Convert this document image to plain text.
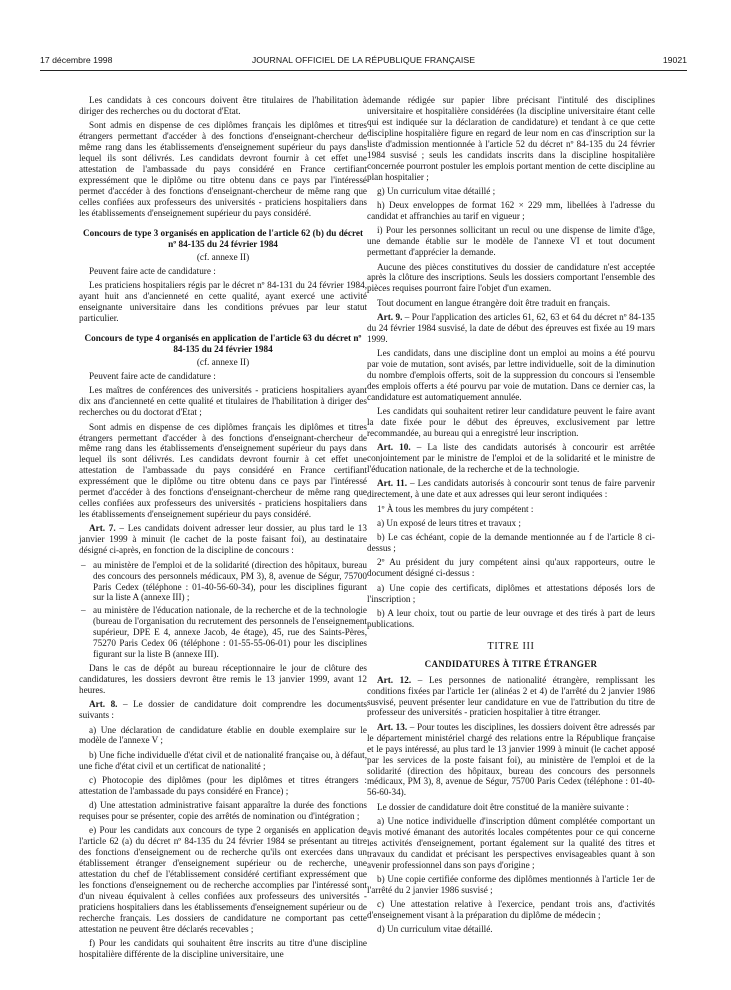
17 décembre 1998	JOURNAL OFFICIEL DE LA RÉPUBLIQUE FRANÇAISE	19021

Les candidats à ces concours doivent être titulaires de l'habilitation à diriger des recherches ou du doctorat d'Etat.

Sont admis en dispense de ces diplômes français les diplômes et titres étrangers permettant d'accéder à des fonctions d'enseignant-chercheur de même rang dans les établissements d'enseignement supérieur du pays dans lequel ils sont délivrés. Les candidats devront fournir à cet effet une attestation de l'ambassade du pays considéré en France certifiant expressément que le diplôme ou titre obtenu dans ce pays par l'intéressé permet d'accéder à des fonctions d'enseignant-chercheur de même rang que celles confiées aux professeurs des universités - praticiens hospitaliers dans les établissements d'enseignement supérieur du pays considéré.

Concours de type 3 organisés en application de l'article 62 (b) du décret nº 84-135 du 24 février 1984

(cf. annexe II)

Peuvent faire acte de candidature :

Les praticiens hospitaliers régis par le décret nº 84-131 du 24 février 1984, ayant huit ans d'ancienneté en cette qualité, ayant exercé une activité enseignante universitaire dans les conditions prévues par leur statut particulier.

Concours de type 4 organisés en application de l'article 63 du décret nº 84-135 du 24 février 1984

(cf. annexe II)

Peuvent faire acte de candidature :

Les maîtres de conférences des universités - praticiens hospitaliers ayant dix ans d'ancienneté en cette qualité et titulaires de l'habilitation à diriger des recherches ou du doctorat d'Etat ;

Sont admis en dispense de ces diplômes français les diplômes et titres étrangers permettant d'accéder à des fonctions d'enseignant-chercheur de même rang dans les établissements d'enseignement supérieur du pays dans lequel ils sont délivrés. Les candidats devront fournir à cet effet une attestation de l'ambassade du pays considéré en France certifiant expressément que le diplôme ou titre obtenu dans ce pays par l'intéressé permet d'accéder à des fonctions d'enseignant-chercheur de même rang que celles confiées aux professeurs des universités - praticiens hospitaliers dans les établissements d'enseignement supérieur du pays considéré.

Art. 7. – Les candidats doivent adresser leur dossier, au plus tard le 13 janvier 1999 à minuit (le cachet de la poste faisant foi), au destinataire désigné ci-après, en fonction de la discipline de concours :

– au ministère de l'emploi et de la solidarité (direction des hôpitaux, bureau des concours des personnels médicaux, PM 3), 8, avenue de Ségur, 75700 Paris Cedex (téléphone : 01-40-56-60-34), pour les disciplines figurant sur la liste A (annexe III) ;
– au ministère de l'éducation nationale, de la recherche et de la technologie (bureau de l'organisation du recrutement des personnels de l'enseignement supérieur, DPE E 4, annexe Jacob, 4e étage), 45, rue des Saints-Pères, 75270 Paris Cedex 06 (téléphone : 01-55-55-06-01) pour les disciplines figurant sur la liste B (annexe III).

Dans le cas de dépôt au bureau réceptionnaire le jour de clôture des candidatures, les dossiers devront être remis le 13 janvier 1999, avant 12 heures.

Art. 8. – Le dossier de candidature doit comprendre les documents suivants :

a) Une déclaration de candidature établie en double exemplaire sur le modèle de l'annexe V ;

b) Une fiche individuelle d'état civil et de nationalité française ou, à défaut, une fiche d'état civil et un certificat de nationalité ;

c) Photocopie des diplômes (pour les diplômes et titres étrangers : attestation de l'ambassade du pays considéré en France) ;

d) Une attestation administrative faisant apparaître la durée des fonctions requises pour se présenter, copie des arrêtés de nomination ou d'intégration ;

e) Pour les candidats aux concours de type 2 organisés en application de l'article 62 (a) du décret nº 84-135 du 24 février 1984 se présentant au titre des fonctions d'enseignement ou de recherche qu'ils ont exercées dans un établissement étranger d'enseignement supérieur ou de recherche, une attestation du chef de l'établissement considéré certifiant expressément que les fonctions d'enseignement ou de recherche accomplies par l'intéressé sont d'un niveau équivalent à celles confiées aux professeurs des universités - praticiens hospitaliers dans les établissements d'enseignement supérieur ou de recherche français. Les dossiers de candidature ne comportant pas cette attestation ne peuvent être déclarés recevables ;

f) Pour les candidats qui souhaitent être inscrits au titre d'une discipline hospitalière différente de la discipline universitaire, une

demande rédigée sur papier libre précisant l'intitulé des disciplines universitaire et hospitalière considérées (la discipline universitaire étant celle qui est indiquée sur la déclaration de candidature) et tendant à ce que cette discipline hospitalière figure en regard de leur nom en cas d'inscription sur la liste d'admission mentionnée à l'article 52 du décret nº 84-135 du 24 février 1984 susvisé ; seuls les candidats inscrits dans la discipline hospitalière concernée pourront postuler les emplois portant mention de cette discipline au plan hospitalier ;

g) Un curriculum vitae détaillé ;

h) Deux enveloppes de format 162 × 229 mm, libellées à l'adresse du candidat et affranchies au tarif en vigueur ;

i) Pour les personnes sollicitant un recul ou une dispense de limite d'âge, une demande établie sur le modèle de l'annexe VI et tout document permettant d'apprécier la demande.

Aucune des pièces constitutives du dossier de candidature n'est acceptée après la clôture des inscriptions. Seuls les dossiers comportant l'ensemble des pièces requises pourront faire l'objet d'un examen.

Tout document en langue étrangère doit être traduit en français.

Art. 9. – Pour l'application des articles 61, 62, 63 et 64 du décret nº 84-135 du 24 février 1984 susvisé, la date de début des épreuves est fixée au 19 mars 1999.

Les candidats, dans une discipline dont un emploi au moins a été pourvu par voie de mutation, sont avisés, par lettre individuelle, soit de la diminution du nombre d'emplois offerts, soit de la suppression du concours si l'ensemble des emplois offerts a été pourvu par voie de mutation. Dans ce dernier cas, la candidature est automatiquement annulée.

Les candidats qui souhaitent retirer leur candidature peuvent le faire avant la date fixée pour le début des épreuves, exclusivement par lettre recommandée, au bureau qui a enregistré leur inscription.

Art. 10. – La liste des candidats autorisés à concourir est arrêtée conjointement par le ministre de l'emploi et de la solidarité et le ministre de l'éducation nationale, de la recherche et de la technologie.

Art. 11. – Les candidats autorisés à concourir sont tenus de faire parvenir directement, à une date et aux adresses qui leur seront indiquées :

1º À tous les membres du jury compétent :

a) Un exposé de leurs titres et travaux ;

b) Le cas échéant, copie de la demande mentionnée au f de l'article 8 ci-dessus ;

2º Au président du jury compétent ainsi qu'aux rapporteurs, outre le document désigné ci-dessus :

a) Une copie des certificats, diplômes et attestations déposés lors de l'inscription ;

b) A leur choix, tout ou partie de leur ouvrage et des tirés à part de leurs publications.

TITRE III

CANDIDATURES À TITRE ÉTRANGER

Art. 12. – Les personnes de nationalité étrangère, remplissant les conditions fixées par l'article 1er (alinéas 2 et 4) de l'arrêté du 2 janvier 1986 susvisé, peuvent présenter leur candidature en vue de l'attribution du titre de professeur des universités - praticien hospitalier à titre étranger.

Art. 13. – Pour toutes les disciplines, les dossiers doivent être adressés par le département ministériel chargé des relations entre la République française et le pays intéressé, au plus tard le 13 janvier 1999 à minuit (le cachet apposé par les services de la poste faisant foi), au ministère de l'emploi et de la solidarité (direction des hôpitaux, bureau des concours des personnels médicaux, PM 3), 8, avenue de Ségur, 75700 Paris Cedex (téléphone : 01-40-56-60-34).

Le dossier de candidature doit être constitué de la manière suivante :

a) Une notice individuelle d'inscription dûment complétée comportant un avis motivé émanant des autorités locales compétentes pour ce qui concerne les activités d'enseignement, portant également sur la qualité des titres et travaux du candidat et précisant les perspectives envisageables quant à son avenir professionnel dans son pays d'origine ;

b) Une copie certifiée conforme des diplômes mentionnés à l'article 1er de l'arrêté du 2 janvier 1986 susvisé ;

c) Une attestation relative à l'exercice, pendant trois ans, d'activités d'enseignement visant à la préparation du diplôme de médecin ;

d) Un curriculum vitae détaillé.
